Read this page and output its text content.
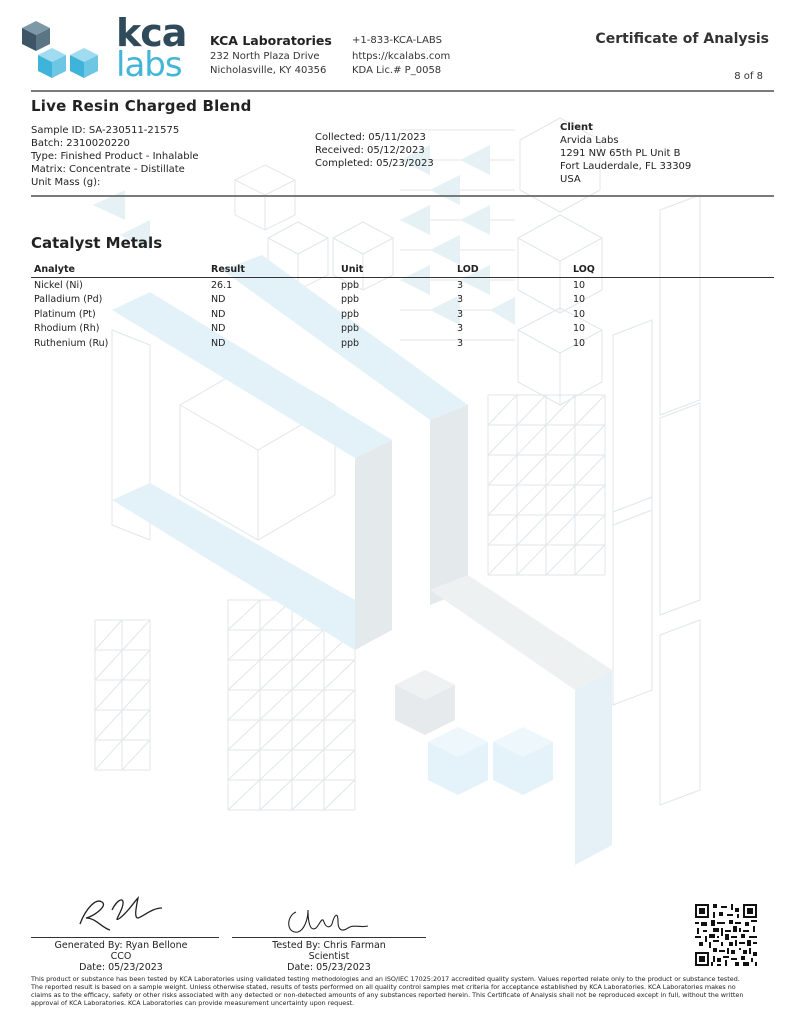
kca
labs
KCA Laboratories
232 North Plaza Drive
Nicholasville, KY 40356
+1-833-KCA-LABS
https://kcalabs.com
KDA Lic.# P_0058
Certificate of Analysis
8 of 8
Live Resin Charged Blend
Sample ID: SA-230511-21575
Batch: 2310020220
Type: Finished Product - Inhalable
Matrix: Concentrate - Distillate
Unit Mass (g):
Collected: 05/11/2023
Received: 05/12/2023
Completed: 05/23/2023
Client
Arvida Labs
1291 NW 65th PL Unit B
Fort Lauderdale, FL 33309
USA
Catalyst Metals
Analyte	Result	Unit	LOD	LOQ
Nickel (Ni)	26.1	ppb	3	10
Palladium (Pd)	ND	ppb	3	10
Platinum (Pt)	ND	ppb	3	10
Rhodium (Rh)	ND	ppb	3	10
Ruthenium (Ru)	ND	ppb	3	10
Generated By: Ryan Bellone
CCO
Date: 05/23/2023
Tested By: Chris Farman
Scientist
Date: 05/23/2023
This product or substance has been tested by KCA Laboratories using validated testing methodologies and an ISO/IEC 17025:2017 accredited quality system. Values reported relate only to the product or substance tested. The reported result is based on a sample weight. Unless otherwise stated, results of tests performed on all quality control samples met criteria for acceptance established by KCA Laboratories. KCA Laboratories makes no claims as to the efficacy, safety or other risks associated with any detected or non-detected amounts of any substances reported herein. This Certificate of Analysis shall not be reproduced except in full, without the written approval of KCA Laboratories. KCA Laboratories can provide measurement uncertainty upon request.
